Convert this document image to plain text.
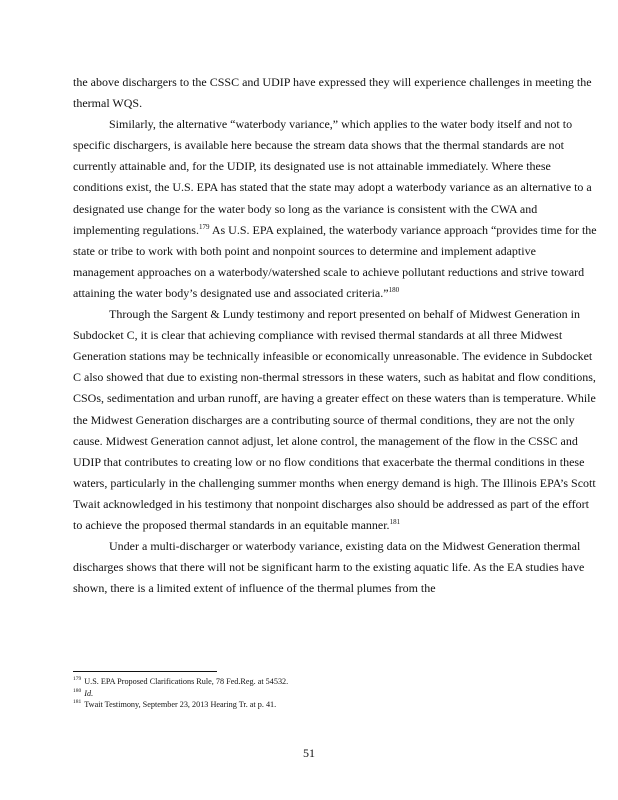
the above dischargers to the CSSC and UDIP have expressed they will experience challenges in meeting the thermal WQS.

Similarly, the alternative “waterbody variance,” which applies to the water body itself and not to specific dischargers, is available here because the stream data shows that the thermal standards are not currently attainable and, for the UDIP, its designated use is not attainable immediately. Where these conditions exist, the U.S. EPA has stated that the state may adopt a waterbody variance as an alternative to a designated use change for the water body so long as the variance is consistent with the CWA and implementing regulations.$^{179}$ As U.S. EPA explained, the waterbody variance approach “provides time for the state or tribe to work with both point and nonpoint sources to determine and implement adaptive management approaches on a waterbody/watershed scale to achieve pollutant reductions and strive toward attaining the water body’s designated use and associated criteria.”$^{180}$

Through the Sargent & Lundy testimony and report presented on behalf of Midwest Generation in Subdocket C, it is clear that achieving compliance with revised thermal standards at all three Midwest Generation stations may be technically infeasible or economically unreasonable. The evidence in Subdocket C also showed that due to existing non-thermal stressors in these waters, such as habitat and flow conditions, CSOs, sedimentation and urban runoff, are having a greater effect on these waters than is temperature. While the Midwest Generation discharges are a contributing source of thermal conditions, they are not the only cause. Midwest Generation cannot adjust, let alone control, the management of the flow in the CSSC and UDIP that contributes to creating low or no flow conditions that exacerbate the thermal conditions in these waters, particularly in the challenging summer months when energy demand is high. The Illinois EPA’s Scott Twait acknowledged in his testimony that nonpoint discharges also should be addressed as part of the effort to achieve the proposed thermal standards in an equitable manner.$^{181}$

Under a multi-discharger or waterbody variance, existing data on the Midwest Generation thermal discharges shows that there will not be significant harm to the existing aquatic life. As the EA studies have shown, there is a limited extent of influence of the thermal plumes from the

$^{179}$ U.S. EPA Proposed Clarifications Rule, 78 Fed.Reg. at 54532.

$^{180}$ Id.

$^{181}$ Twait Testimony, September 23, 2013 Hearing Tr. at p. 41.

51
